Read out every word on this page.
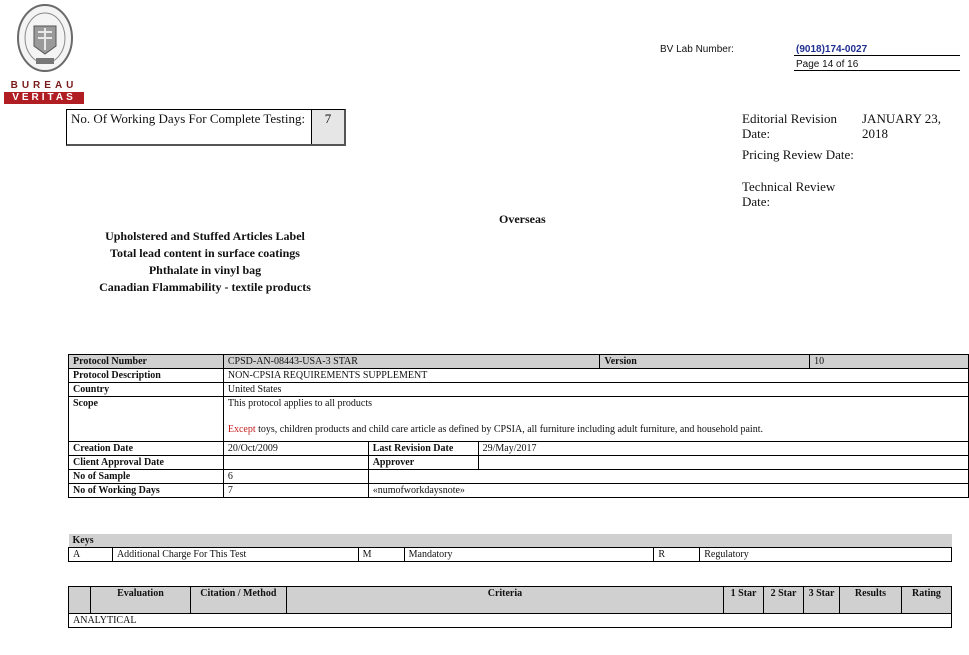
BUREAU
VERITAS
BV Lab Number:	(9018)174-0027
Page 14 of 16
No. Of Working Days For Complete Testing:	7	Editorial Revision Date:
JANUARY 23, 2018
Pricing Review Date:
Technical Review Date:
Overseas
Upholstered and Stuffed Articles Label
Total lead content in surface coatings
Phthalate in vinyl bag
Canadian Flammability - textile products
Protocol Number	CPSD-AN-08443-USA-3 STAR			Version	10
Protocol Description	NON-CPSIA REQUIREMENTS SUPPLEMENT				
Country	United States				
Scope	This protocol applies to all products
Except toys, children products and child care article as defined by CPSIA, all furniture including adult furniture, and household paint.				

Creation Date	20/Oct/2009	Last Revision Date	29/May/2017		
Client Approval Date		Approver			
No of Sample	6				
No of Working Days	7	«numofworkdaysnote»			
Keys
A	Additional Charge For This Test	M	Mandatory	R	Regulatory
	Evaluation	Citation / Method	Criteria	1 Star	2 Star	3 Star	Results	Rating
ANALYTICAL
